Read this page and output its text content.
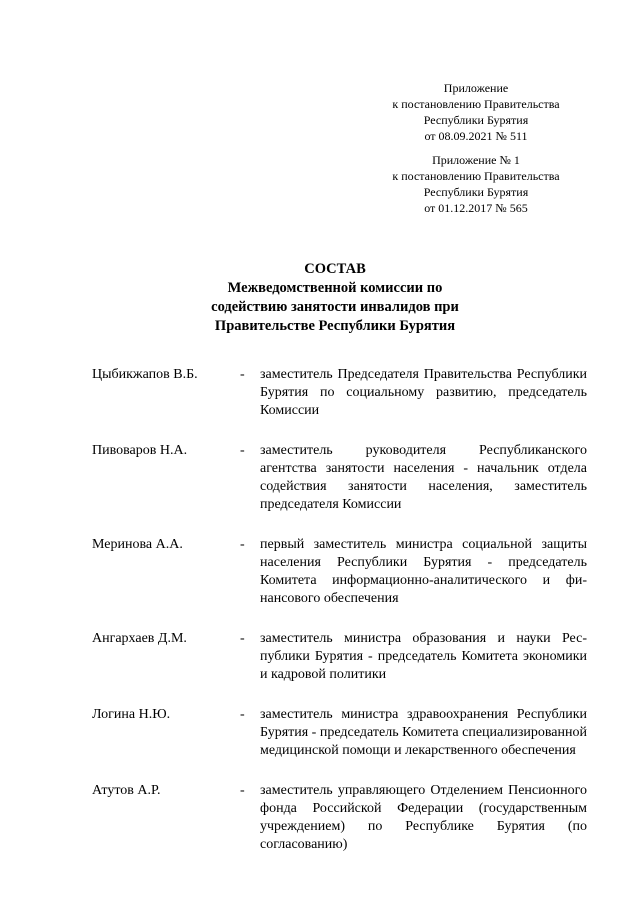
Приложение
к постановлению Правительства
Республики Бурятия
от 08.09.2021 № 511
Приложение № 1
к постановлению Правительства
Республики Бурятия
от 01.12.2017 № 565
СОСТАВ
Межведомственной комиссии по
содействию занятости инвалидов при
Правительстве Республики Бурятия
Цыбикжапов В.Б.	-	заместитель Председателя Правительства Республики Бурятия по социальному развитию, председатель Комиссии
Пивоваров Н.А.	-	заместитель руководителя Республиканского агентства занятости населения - начальник отдела содействия занятости населения, заместитель председателя Комиссии
Меринова А.А.	-	первый заместитель министра социальной защиты населения Республики Бурятия - председатель Комитета информационно-аналитического и финансового обеспечения
Ангархаев Д.М.	-	заместитель министра образования и науки Республики Бурятия - председатель Комитета экономики и кадровой политики
Логина Н.Ю.	-	заместитель министра здравоохранения Республики Бурятия - председатель Комитета специализированной медицинской помощи и лекарственного обеспечения
Атутов А.Р.	-	заместитель управляющего Отделением Пенсионного фонда Российской Федерации (государственным учреждением) по Республике Бурятия (по согласованию)
